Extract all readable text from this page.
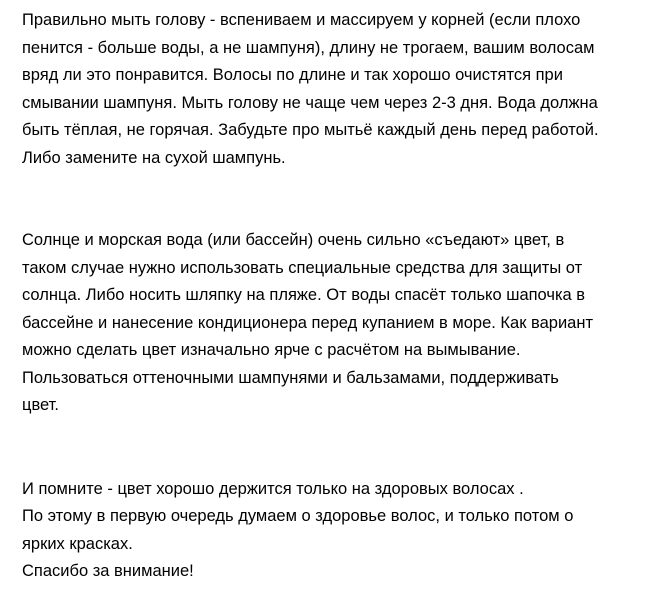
Правильно мыть голову - вспениваем и массируем у корней (если плохо
пенится - больше воды, а не шампуня), длину не трогаем, вашим волосам
вряд ли это понравится. Волосы по длине и так хорошо очистятся при
смывании шампуня. Мыть голову не чаще чем через 2-3 дня. Вода должна
быть тёплая, не горячая. Забудьте про мытьё каждый день перед работой.
Либо замените на сухой шампунь.

Солнце и морская вода (или бассейн) очень сильно «съедают» цвет, в
таком случае нужно использовать специальные средства для защиты от
солнца. Либо носить шляпку на пляже. От воды спасёт только шапочка в
бассейне и нанесение кондиционера перед купанием в море. Как вариант
можно сделать цвет изначально ярче с расчётом на вымывание.
Пользоваться оттеночными шампунями и бальзамами, поддерживать
цвет.

И помните - цвет хорошо держится только на здоровых волосах .
По этому в первую очередь думаем о здоровье волос, и только потом о
ярких красках.
Спасибо за внимание!
